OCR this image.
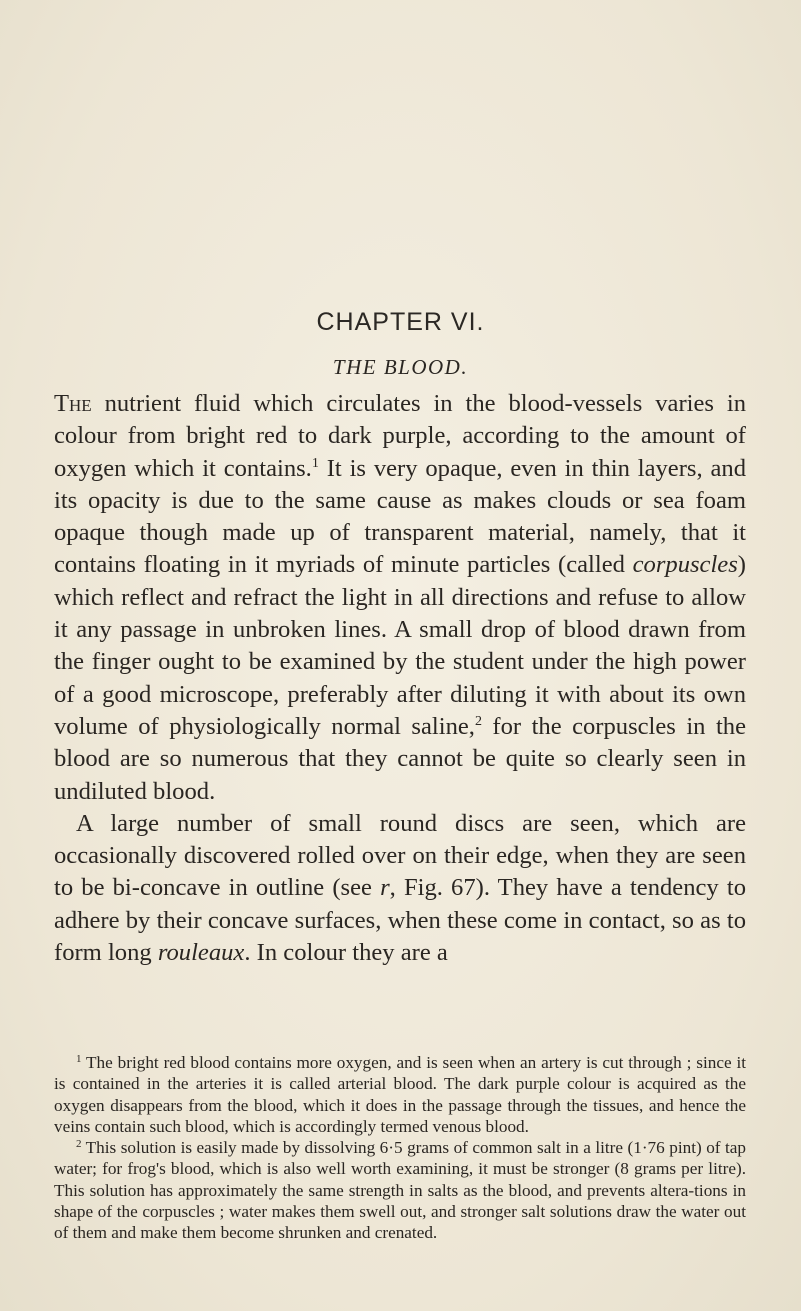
CHAPTER VI.
THE BLOOD.

The nutrient fluid which circulates in the blood-vessels varies in colour from bright red to dark purple, according to the amount of oxygen which it contains.$^1$ It is very opaque, even in thin layers, and its opacity is due to the same cause as makes clouds or sea foam opaque though made up of transparent material, namely, that it contains floating in it myriads of minute particles (called corpuscles) which reflect and refract the light in all directions and refuse to allow it any passage in unbroken lines. A small drop of blood drawn from the finger ought to be examined by the student under the high power of a good microscope, preferably after diluting it with about its own volume of physiologically normal saline,$^2$ for the corpuscles in the blood are so numerous that they cannot be quite so clearly seen in undiluted blood.

A large number of small round discs are seen, which are occasionally discovered rolled over on their edge, when they are seen to be bi-concave in outline (see r, Fig. 67). They have a tendency to adhere by their concave surfaces, when these come in contact, so as to form long rouleaux. In colour they are a

$^1$ The bright red blood contains more oxygen, and is seen when an artery is cut through ; since it is contained in the arteries it is called arterial blood. The dark purple colour is acquired as the oxygen disappears from the blood, which it does in the passage through the tissues, and hence the veins contain such blood, which is accordingly termed venous blood.

$^2$ This solution is easily made by dissolving 6·5 grams of common salt in a litre (1·76 pint) of tap water; for frog's blood, which is also well worth examining, it must be stronger (8 grams per litre). This solution has approximately the same strength in salts as the blood, and prevents altera-tions in shape of the corpuscles ; water makes them swell out, and stronger salt solutions draw the water out of them and make them become shrunken and crenated.
